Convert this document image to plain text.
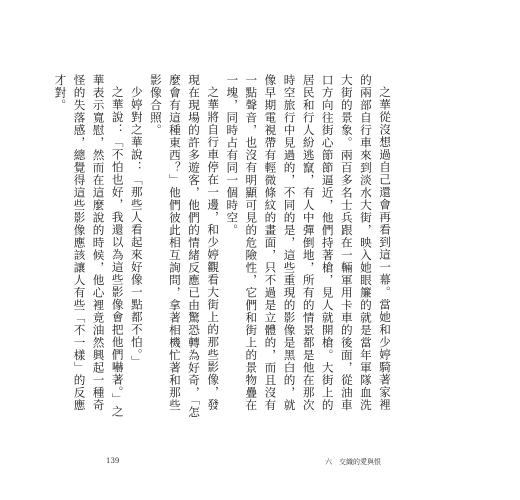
之華從沒想過自己還會再看到這一幕。當她和少婷騎著家裡的兩部自行車來到淡水大街，映入她眼簾的就是當年軍隊血洗大街的景象。兩百多名士兵跟在一輛軍用卡車的後面，從油車口方向往街心節節逼近，他們持著槍，見人就開槍。大街上的居民和行人紛逃竄，有人中彈倒地，所有的情景都是他在那次時空旅行中見過的，不同的是，這些重現的影像是黑白的，就像早期電視帶有輕微條紋的畫面，只不過是立體的，而且沒有一點聲音，也沒有明顯可見的危險性，它們和街上的景物疊在一塊，同時占有同一個時空。

之華將自行車停在一邊，和少婷觀看大街上的那些影像，發現在現場的許多遊客，他們的情緒反應已由驚恐轉為好奇，「怎麼會有這種東西？」他們彼此相互詢問，拿著相機忙著和那些影像合照。

少婷對之華說：「那些人看起來好像一點都不怕。」

之華說：「不怕也好，我還以為這些影像會把他們嚇著。」之華表示寬慰，然而在這麼說的時候，他心裡竟油然興起一種奇怪的失落感，總覺得這些影像應該讓人有些「不一樣」的反應才對。

139	六　交織的愛與恨
